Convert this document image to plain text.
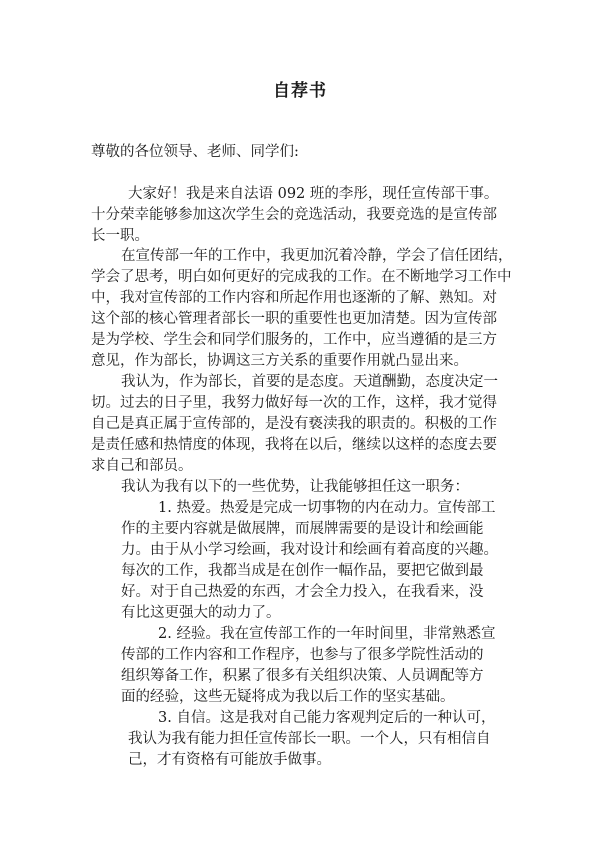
自荐书
尊敬的各位领导、老师、同学们:
大家好！我是来自法语 092 班的李彤，现任宣传部干事。
十分荣幸能够参加这次学生会的竞选活动，我要竞选的是宣传部
长一职。
在宣传部一年的工作中，我更加沉着冷静，学会了信任团结，
学会了思考，明白如何更好的完成我的工作。在不断地学习工作中
中，我对宣传部的工作内容和所起作用也逐渐的了解、熟知。对
这个部的核心管理者部长一职的重要性也更加清楚。因为宣传部
是为学校、学生会和同学们服务的，工作中，应当遵循的是三方
意见，作为部长，协调这三方关系的重要作用就凸显出来。
我认为，作为部长，首要的是态度。天道酬勤，态度决定一
切。过去的日子里，我努力做好每一次的工作，这样，我才觉得
自己是真正属于宣传部的，是没有亵渎我的职责的。积极的工作
是责任感和热情度的体现，我将在以后，继续以这样的态度去要
求自己和部员。
我认为我有以下的一些优势，让我能够担任这一职务：
1. 热爱。热爱是完成一切事物的内在动力。宣传部工
作的主要内容就是做展牌，而展牌需要的是设计和绘画能
力。由于从小学习绘画，我对设计和绘画有着高度的兴趣。
每次的工作，我都当成是在创作一幅作品，要把它做到最
好。对于自己热爱的东西，才会全力投入，在我看来，没
有比这更强大的动力了。
2. 经验。我在宣传部工作的一年时间里，非常熟悉宣
传部的工作内容和工作程序，也参与了很多学院性活动的
组织筹备工作，积累了很多有关组织决策、人员调配等方
面的经验，这些无疑将成为我以后工作的坚实基础。
3. 自信。这是我对自己能力客观判定后的一种认可，
我认为我有能力担任宣传部长一职。一个人，只有相信自
己，才有资格有可能放手做事。
